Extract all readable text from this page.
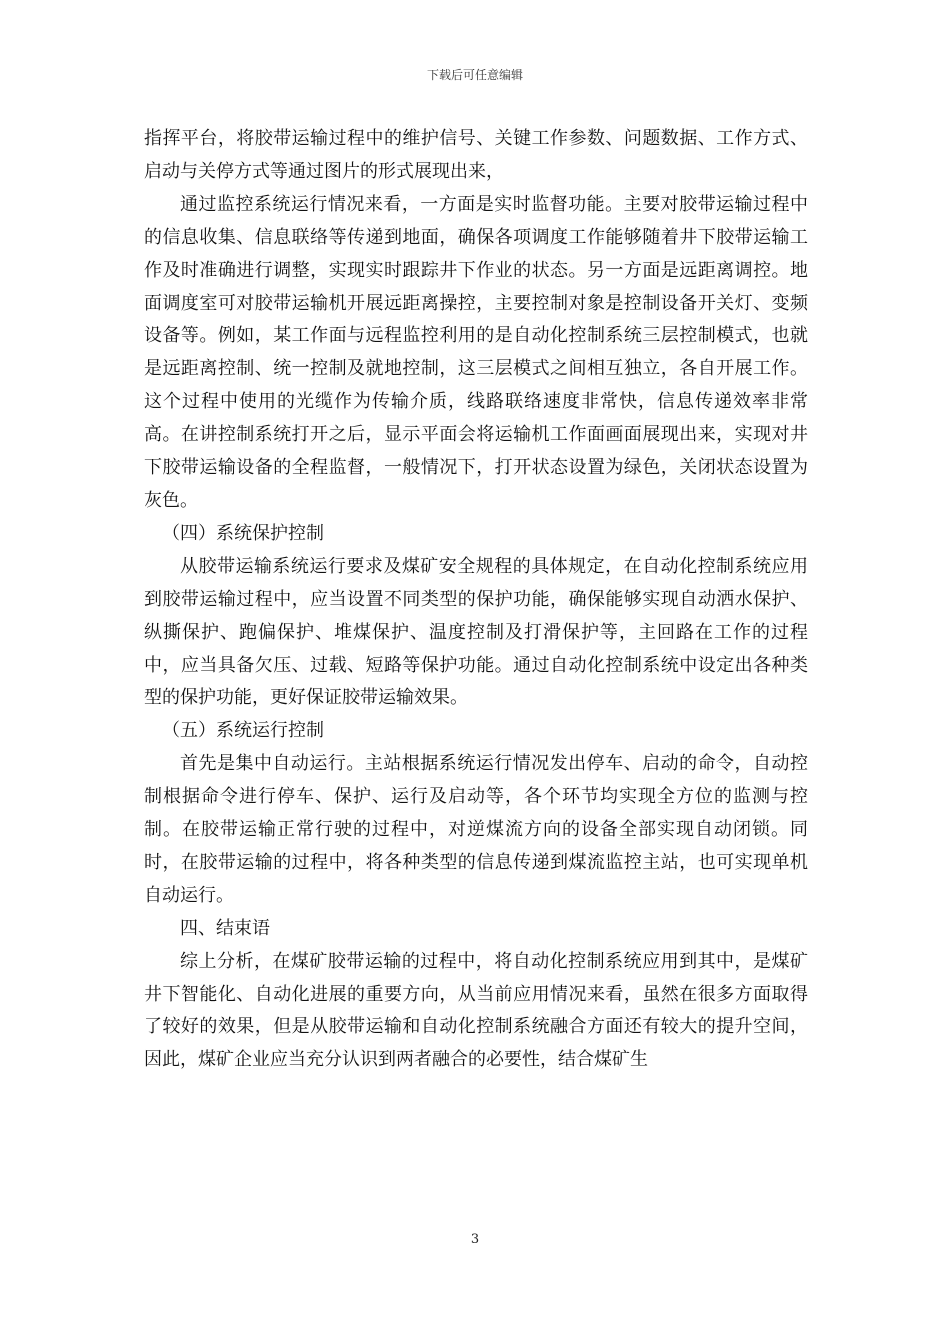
下载后可任意编辑

指挥平台，将胶带运输过程中的维护信号、关键工作参数、问题数据、工作方式、启动与关停方式等通过图片的形式展现出来，

通过监控系统运行情况来看，一方面是实时监督功能。主要对胶带运输过程中的信息收集、信息联络等传递到地面，确保各项调度工作能够随着井下胶带运输工作及时准确进行调整，实现实时跟踪井下作业的状态。另一方面是远距离调控。地面调度室可对胶带运输机开展远距离操控，主要控制对象是控制设备开关灯、变频设备等。例如，某工作面与远程监控利用的是自动化控制系统三层控制模式，也就是远距离控制、统一控制及就地控制，这三层模式之间相互独立，各自开展工作。这个过程中使用的光缆作为传输介质，线路联络速度非常快，信息传递效率非常高。在讲控制系统打开之后，显示平面会将运输机工作面画面展现出来，实现对井下胶带运输设备的全程监督，一般情况下，打开状态设置为绿色，关闭状态设置为灰色。

（四）系统保护控制

从胶带运输系统运行要求及煤矿安全规程的具体规定，在自动化控制系统应用到胶带运输过程中，应当设置不同类型的保护功能，确保能够实现自动洒水保护、纵撕保护、跑偏保护、堆煤保护、温度控制及打滑保护等，主回路在工作的过程中，应当具备欠压、过载、短路等保护功能。通过自动化控制系统中设定出各种类型的保护功能，更好保证胶带运输效果。

（五）系统运行控制

首先是集中自动运行。主站根据系统运行情况发出停车、启动的命令，自动控制根据命令进行停车、保护、运行及启动等，各个环节均实现全方位的监测与控制。在胶带运输正常行驶的过程中，对逆煤流方向的设备全部实现自动闭锁。同时，在胶带运输的过程中，将各种类型的信息传递到煤流监控主站，也可实现单机自动运行。

四、结束语

综上分析，在煤矿胶带运输的过程中，将自动化控制系统应用到其中，是煤矿井下智能化、自动化进展的重要方向，从当前应用情况来看，虽然在很多方面取得了较好的效果，但是从胶带运输和自动化控制系统融合方面还有较大的提升空间，因此，煤矿企业应当充分认识到两者融合的必要性，结合煤矿生

3
